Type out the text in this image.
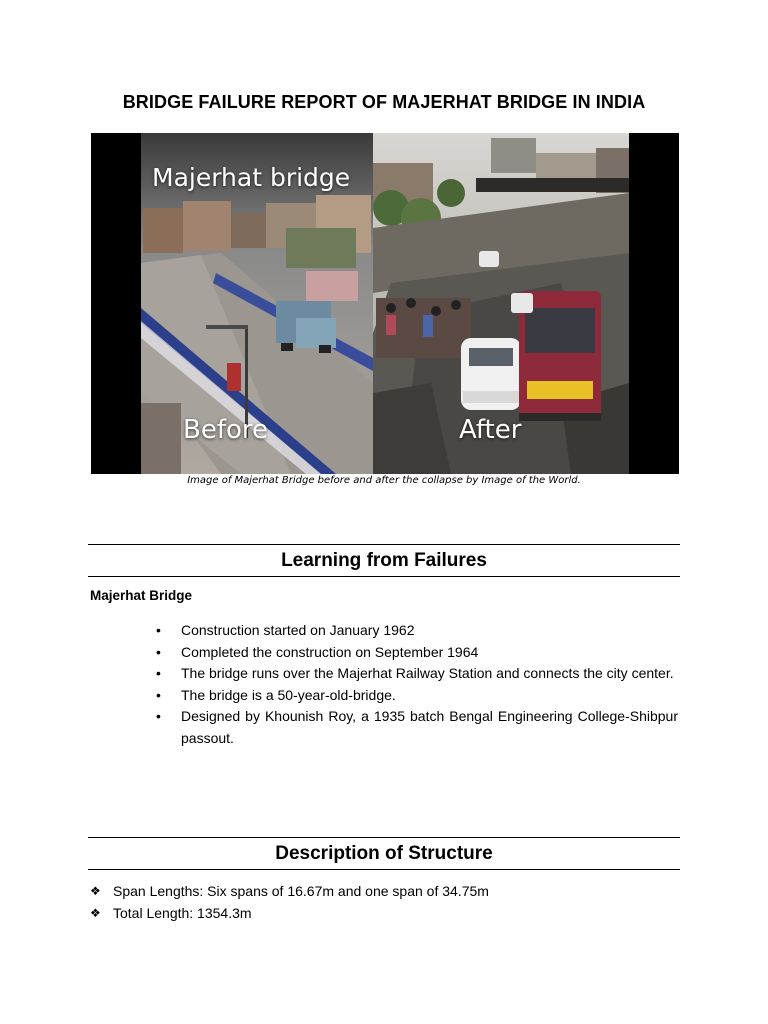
BRIDGE FAILURE REPORT OF MAJERHAT BRIDGE IN INDIA
Majerhat bridge
Before	After
Image of Majerhat Bridge before and after the collapse by Image of the World.
Learning from Failures
Majerhat Bridge
• Construction started on January 1962
• Completed the construction on September 1964
• The bridge runs over the Majerhat Railway Station and connects the city center.
• The bridge is a 50-year-old-bridge.
• Designed by Khounish Roy, a 1935 batch Bengal Engineering College-Shibpur passout.
Description of Structure
❖ Span Lengths: Six spans of 16.67m and one span of 34.75m
❖ Total Length: 1354.3m
